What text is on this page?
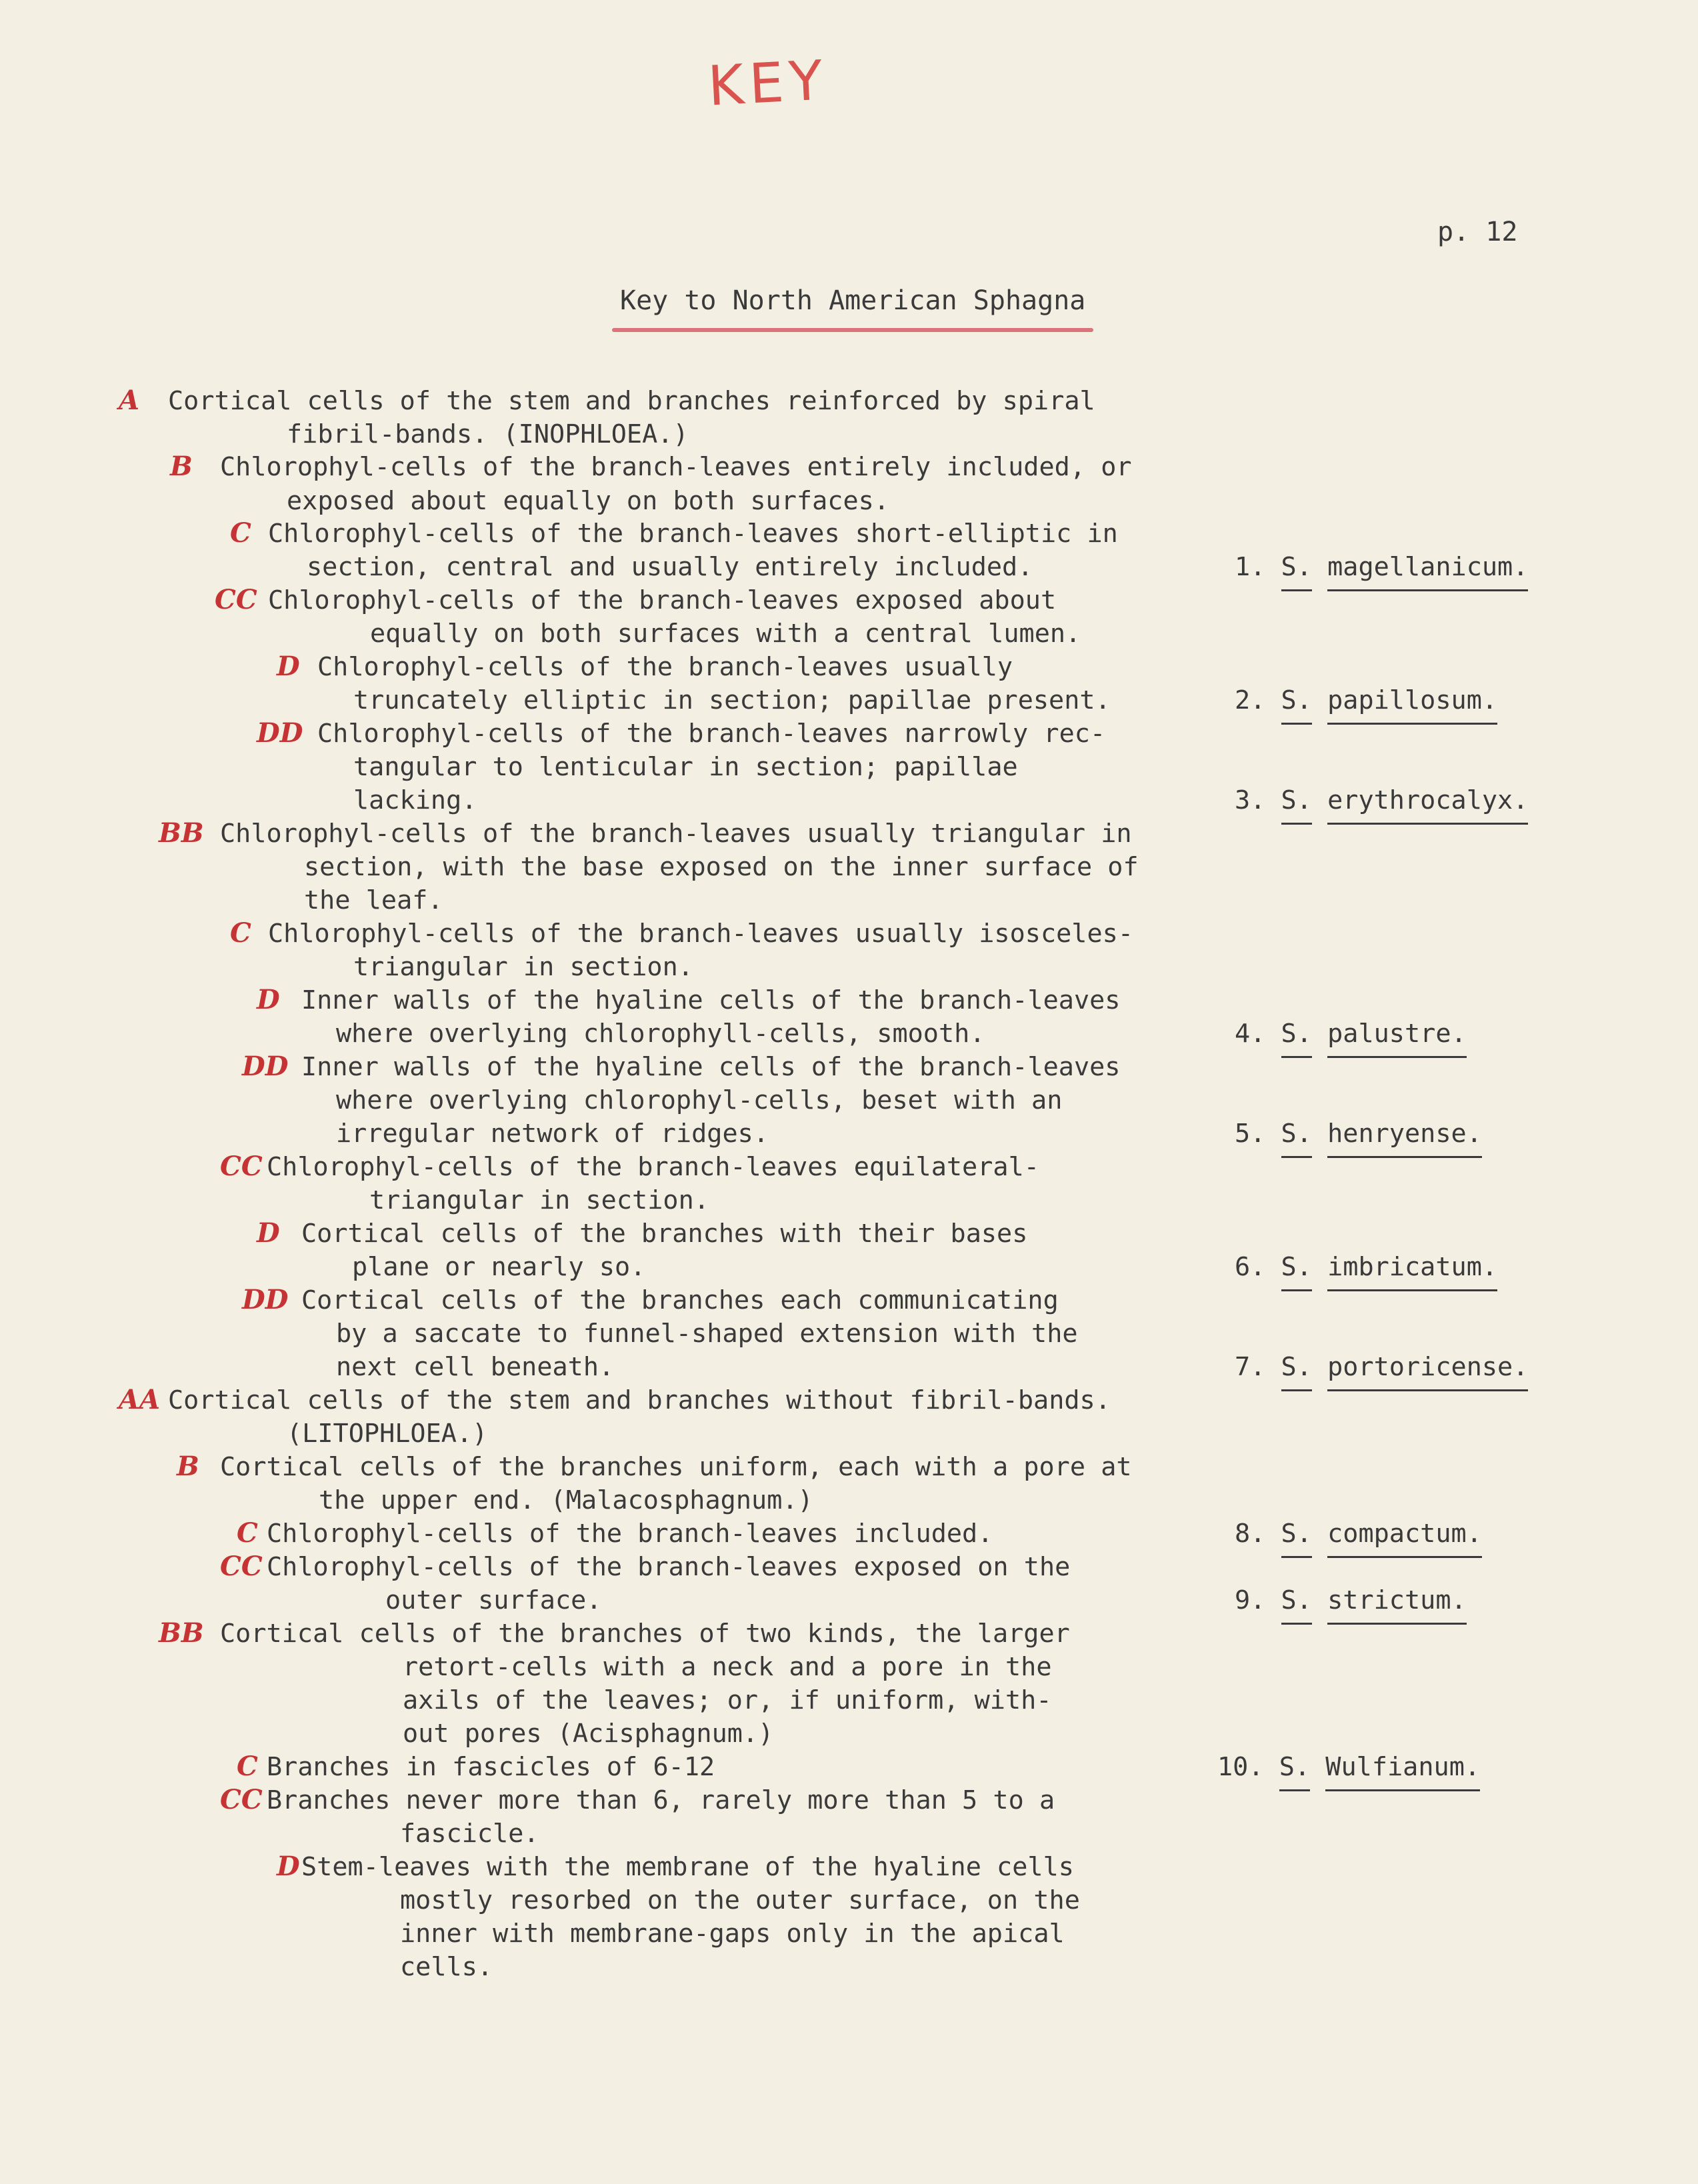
KEY
p. 12
Key to North American Sphagna
A Cortical cells of the stem and branches reinforced by spiral
fibril-bands. (INOPHLOEA.)
B Chlorophyl-cells of the branch-leaves entirely included, or
exposed about equally on both surfaces.
C Chlorophyl-cells of the branch-leaves short-elliptic in
section, central and usually entirely included.
CC Chlorophyl-cells of the branch-leaves exposed about
equally on both surfaces with a central lumen.
D Chlorophyl-cells of the branch-leaves usually
truncately elliptic in section; papillae present.
DD Chlorophyl-cells of the branch-leaves narrowly rec-
tangular to lenticular in section; papillae
lacking.
BB Chlorophyl-cells of the branch-leaves usually triangular in
section, with the base exposed on the inner surface of
the leaf.
C Chlorophyl-cells of the branch-leaves usually isosceles-
triangular in section.
D Inner walls of the hyaline cells of the branch-leaves
where overlying chlorophyll-cells, smooth.
DD Inner walls of the hyaline cells of the branch-leaves
where overlying chlorophyl-cells, beset with an
irregular network of ridges.
CC Chlorophyl-cells of the branch-leaves equilateral-
triangular in section.
D Cortical cells of the branches with their bases
plane or nearly so.
DD Cortical cells of the branches each communicating
by a saccate to funnel-shaped extension with the
next cell beneath.
AA Cortical cells of the stem and branches without fibril-bands.
(LITOPHLOEA.)
B Cortical cells of the branches uniform, each with a pore at
the upper end. (Malacosphagnum.)
C Chlorophyl-cells of the branch-leaves included.
CC Chlorophyl-cells of the branch-leaves exposed on the
outer surface.
BB Cortical cells of the branches of two kinds, the larger
retort-cells with a neck and a pore in the
axils of the leaves; or, if uniform, with-
out pores (Acisphagnum.)
C Branches in fascicles of 6-12
CC Branches never more than 6, rarely more than 5 to a
fascicle.
D Stem-leaves with the membrane of the hyaline cells
mostly resorbed on the outer surface, on the
inner with membrane-gaps only in the apical
cells.
1. S. magellanicum.
2. S. papillosum.
3. S. erythrocalyx.
4. S. palustre.
5. S. henryense.
6. S. imbricatum.
7. S. portoricense.
8. S. compactum.
9. S. strictum.
10. S. Wulfianum.
